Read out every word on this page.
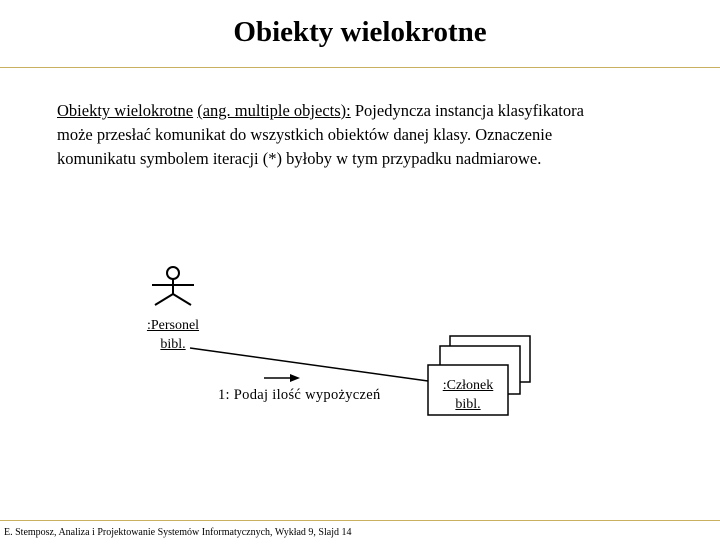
Obiekty wielokrotne
Obiekty wielokrotne (ang. multiple objects): Pojedyncza instancja klasyfikatora
może przesłać komunikat do wszystkich obiektów danej klasy. Oznaczenie
komunikatu symbolem iteracji (*) byłoby w tym przypadku nadmiarowe.
:Personel
bibl.
1: Podaj ilość wypożyczeń
:Członek
bibl.
E. Stemposz, Analiza i Projektowanie Systemów Informatycznych, Wykład 9, Slajd 14
